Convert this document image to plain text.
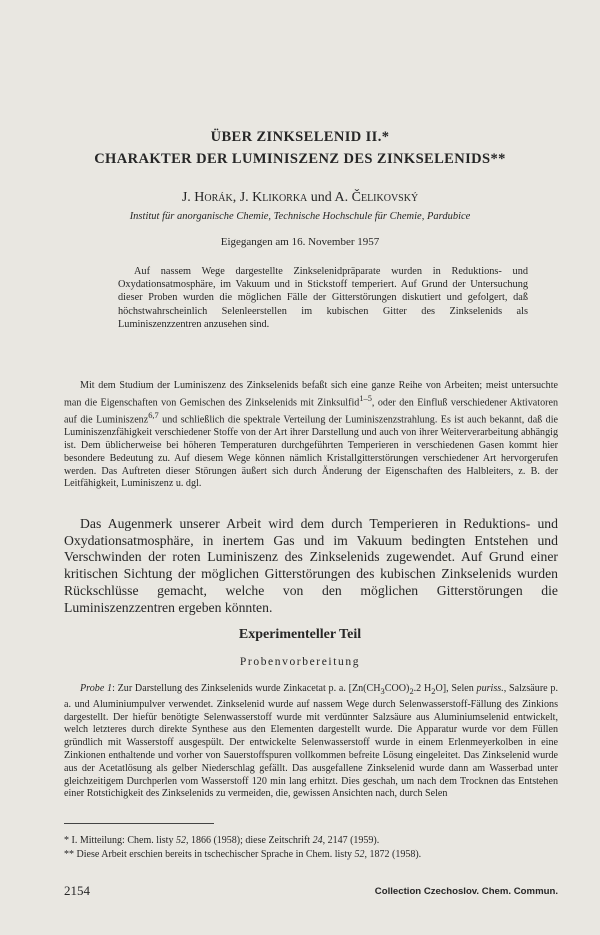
ÜBER ZINKSELENID II.*
CHARAKTER DER LUMINISZENZ DES ZINKSELENIDS**
J. Horák, J. Klikorka und A. Čelikovský
Institut für anorganische Chemie, Technische Hochschule für Chemie, Pardubice
Eigegangen am 16. November 1957

Auf nassem Wege dargestellte Zinkselenidpräparate wurden in Reduktions- und Oxydationsatmosphäre, im Vakuum und in Stickstoff temperiert. Auf Grund der Untersuchung dieser Proben wurden die möglichen Fälle der Gitterstörungen diskutiert und gefolgert, daß höchstwahrscheinlich Selenleerstellen im kubischen Gitter des Zinkselenids als Luminiszenzzentren anzusehen sind.

Mit dem Studium der Luminiszenz des Zinkselenids befaßt sich eine ganze Reihe von Arbeiten; meist untersuchte man die Eigenschaften von Gemischen des Zinkselenids mit Zinksulfid$^{1-5}$, oder den Einfluß verschiedener Aktivatoren auf die Luminiszenz$^{6,7}$ und schließlich die spektrale Verteilung der Luminiszenzstrahlung. Es ist auch bekannt, daß die Luminiszenzfähigkeit verschiedener Stoffe von der Art ihrer Darstellung und auch von ihrer Weiterverarbeitung abhängig ist. Dem üblicherweise bei höheren Temperaturen durchgeführten Temperieren in verschiedenen Gasen kommt hier besondere Bedeutung zu. Auf diesem Wege können nämlich Kristallgitterstörungen verschiedener Art hervorgerufen werden. Das Auftreten dieser Störungen äußert sich durch Änderung der Eigenschaften des Halbleiters, z. B. der Leitfähigkeit, Luminiszenz u. dgl.

Das Augenmerk unserer Arbeit wird dem durch Temperieren in Reduktions- und Oxydationsatmosphäre, in inertem Gas und im Vakuum bedingten Entstehen und Verschwinden der roten Luminiszenz des Zinkselenids zugewendet. Auf Grund einer kritischen Sichtung der möglichen Gitterstörungen des kubischen Zinkselenids wurden Rückschlüsse gemacht, welche von den möglichen Gitterstörungen die Luminiszenzzentren ergeben könnten.

Experimenteller Teil
Probenvorbereitung

Probe 1: Zur Darstellung des Zinkselenids wurde Zinkacetat p. a. [$Zn(CH_3COO)_2.2$ $H_2O$], Selen puriss., Salzsäure p. a. und Aluminiumpulver verwendet. Zinkselenid wurde auf nassem Wege durch Selenwasserstoff-Fällung des Zinkions dargestellt. Der hiefür benötigte Selenwasserstoff wurde mit verdünnter Salzsäure aus Aluminiumselenid entwickelt, welch letzteres durch direkte Synthese aus den Elementen dargestellt wurde. Die Apparatur wurde vor dem Füllen gründlich mit Wasserstoff ausgespült. Der entwickelte Selenwasserstoff wurde in einem Erlenmeyerkolben in eine Zinkionen enthaltende und vorher von Sauerstoffspuren vollkommen befreite Lösung eingeleitet. Das Zinkselenid wurde aus der Acetatlösung als gelber Niederschlag gefällt. Das ausgefallene Zinkselenid wurde dann am Wasserbad unter gleichzeitigem Durchperlen vom Wasserstoff 120 min lang erhitzt. Dies geschah, um nach dem Trocknen das Entstehen einer Rotstichigkeit des Zinkselenids zu vermeiden, die, gewissen Ansichten nach, durch Selen

* I. Mitteilung: Chem. listy 52, 1866 (1958); diese Zeitschrift 24, 2147 (1959).
** Diese Arbeit erschien bereits in tschechischer Sprache in Chem. listy 52, 1872 (1958).
2154	Collection Czechoslov. Chem. Commun.
